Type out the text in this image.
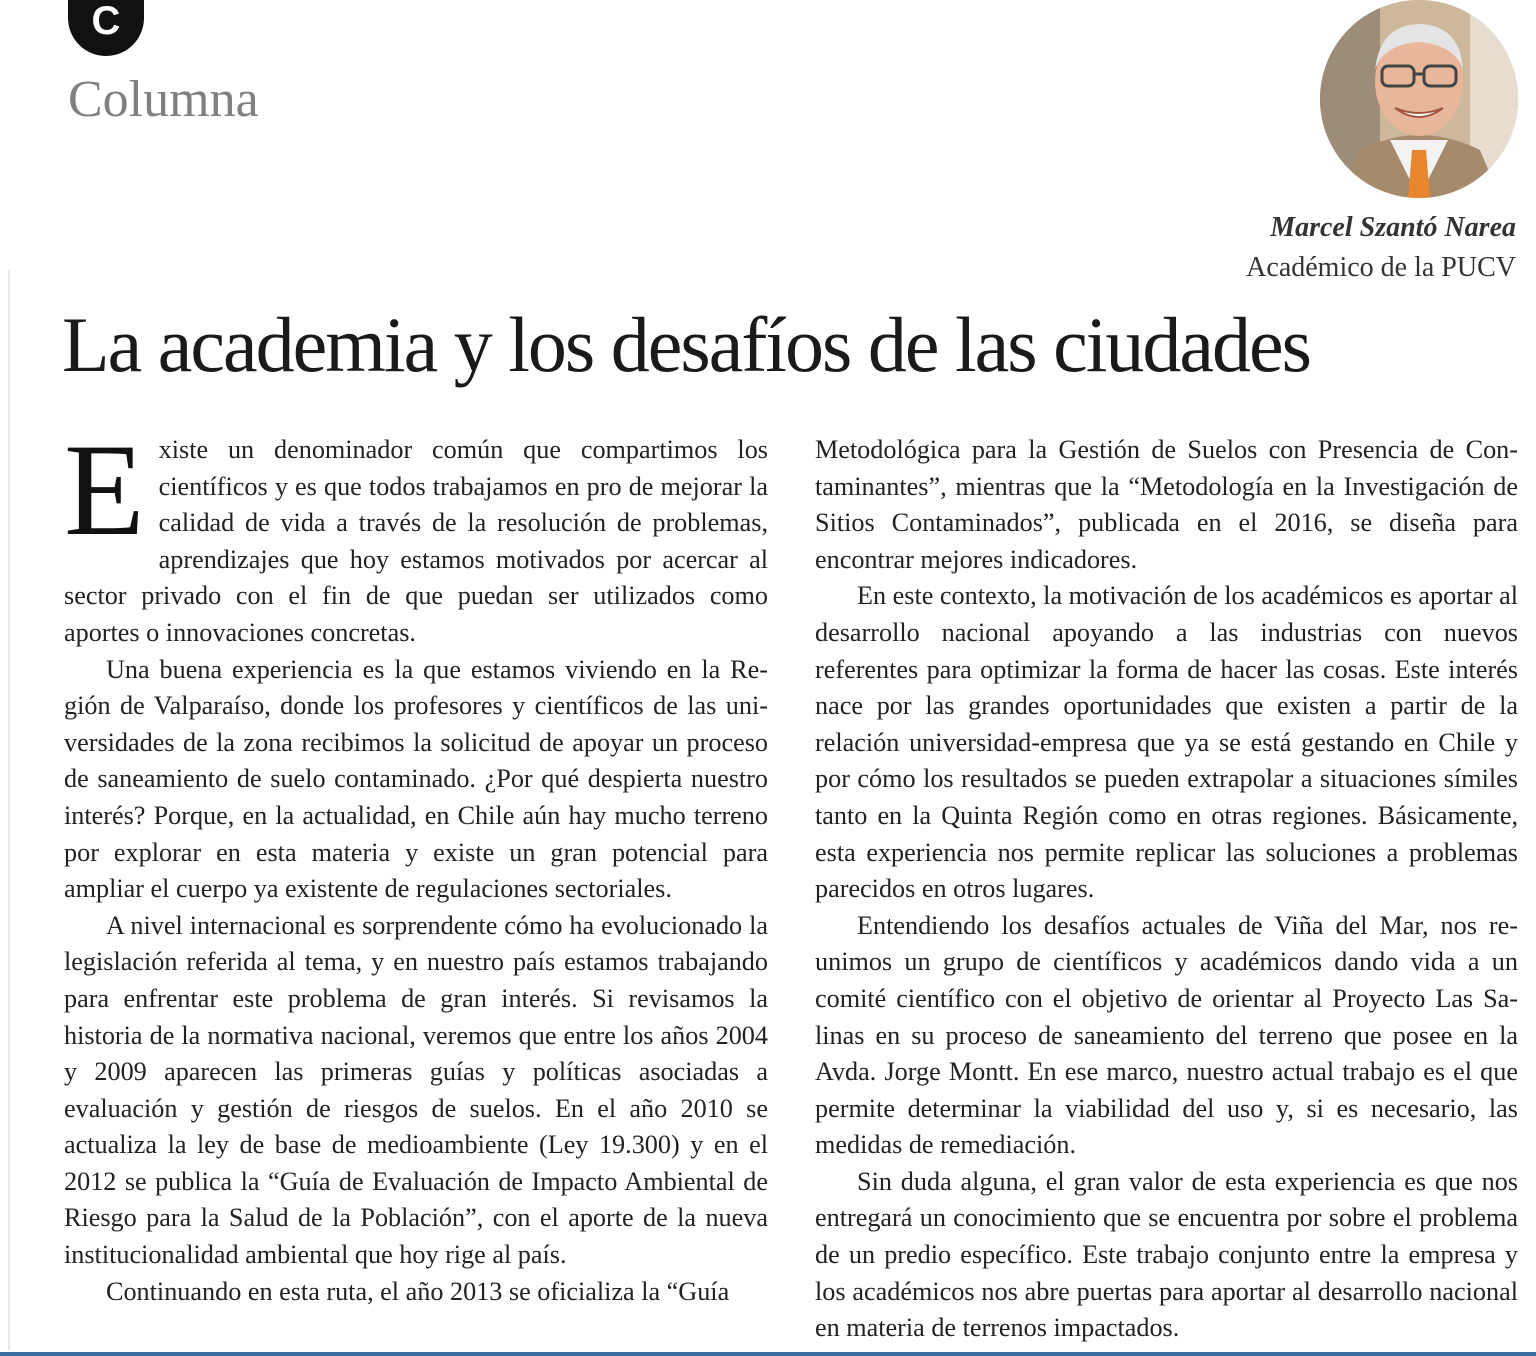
C
Columna
Marcel Szantó Narea
Académico de la PUCV
La academia y los desafíos de las ciudades

Existe un denominador común que compartimos los científicos y es que todos trabajamos en pro de mejorar la calidad de vida a través de la resolución de problemas, aprendizajes que hoy estamos motivados por acercar al sector privado con el fin de que puedan ser utilizados como aportes o innovaciones concretas.

Una buena experiencia es la que estamos viviendo en la Región de Valparaíso, donde los profesores y científicos de las universidades de la zona recibimos la solicitud de apoyar un proceso de saneamiento de suelo contaminado. ¿Por qué despierta nuestro interés? Porque, en la actualidad, en Chile aún hay mucho terreno por explorar en esta materia y existe un gran potencial para ampliar el cuerpo ya existente de regulaciones sectoriales.

A nivel internacional es sorprendente cómo ha evolucionado la legislación referida al tema, y en nuestro país estamos trabajando para enfrentar este problema de gran interés. Si revisamos la historia de la normativa nacional, veremos que entre los años 2004 y 2009 aparecen las primeras guías y políticas asociadas a evaluación y gestión de riesgos de suelos. En el año 2010 se actualiza la ley de base de medioambiente (Ley 19.300) y en el 2012 se publica la “Guía de Evaluación de Impacto Ambiental de Riesgo para la Salud de la Población”, con el aporte de la nueva institucionalidad ambiental que hoy rige al país.

Continuando en esta ruta, el año 2013 se oficializa la “Guía

Metodológica para la Gestión de Suelos con Presencia de Contaminantes”, mientras que la “Metodología en la Investigación de Sitios Contaminados”, publicada en el 2016, se diseña para encontrar mejores indicadores.

En este contexto, la motivación de los académicos es aportar al desarrollo nacional apoyando a las industrias con nuevos referentes para optimizar la forma de hacer las cosas. Este interés nace por las grandes oportunidades que existen a partir de la relación universidad-empresa que ya se está gestando en Chile y por cómo los resultados se pueden extrapolar a situaciones símiles tanto en la Quinta Región como en otras regiones. Básicamente, esta experiencia nos permite replicar las soluciones a problemas parecidos en otros lugares.

Entendiendo los desafíos actuales de Viña del Mar, nos reunimos un grupo de científicos y académicos dando vida a un comité científico con el objetivo de orientar al Proyecto Las Salinas en su proceso de saneamiento del terreno que posee en la Avda. Jorge Montt. En ese marco, nuestro actual trabajo es el que permite determinar la viabilidad del uso y, si es necesario, las medidas de remediación.

Sin duda alguna, el gran valor de esta experiencia es que nos entregará un conocimiento que se encuentra por sobre el problema de un predio específico. Este trabajo conjunto entre la empresa y los académicos nos abre puertas para aportar al desarrollo nacional en materia de terrenos impactados.
